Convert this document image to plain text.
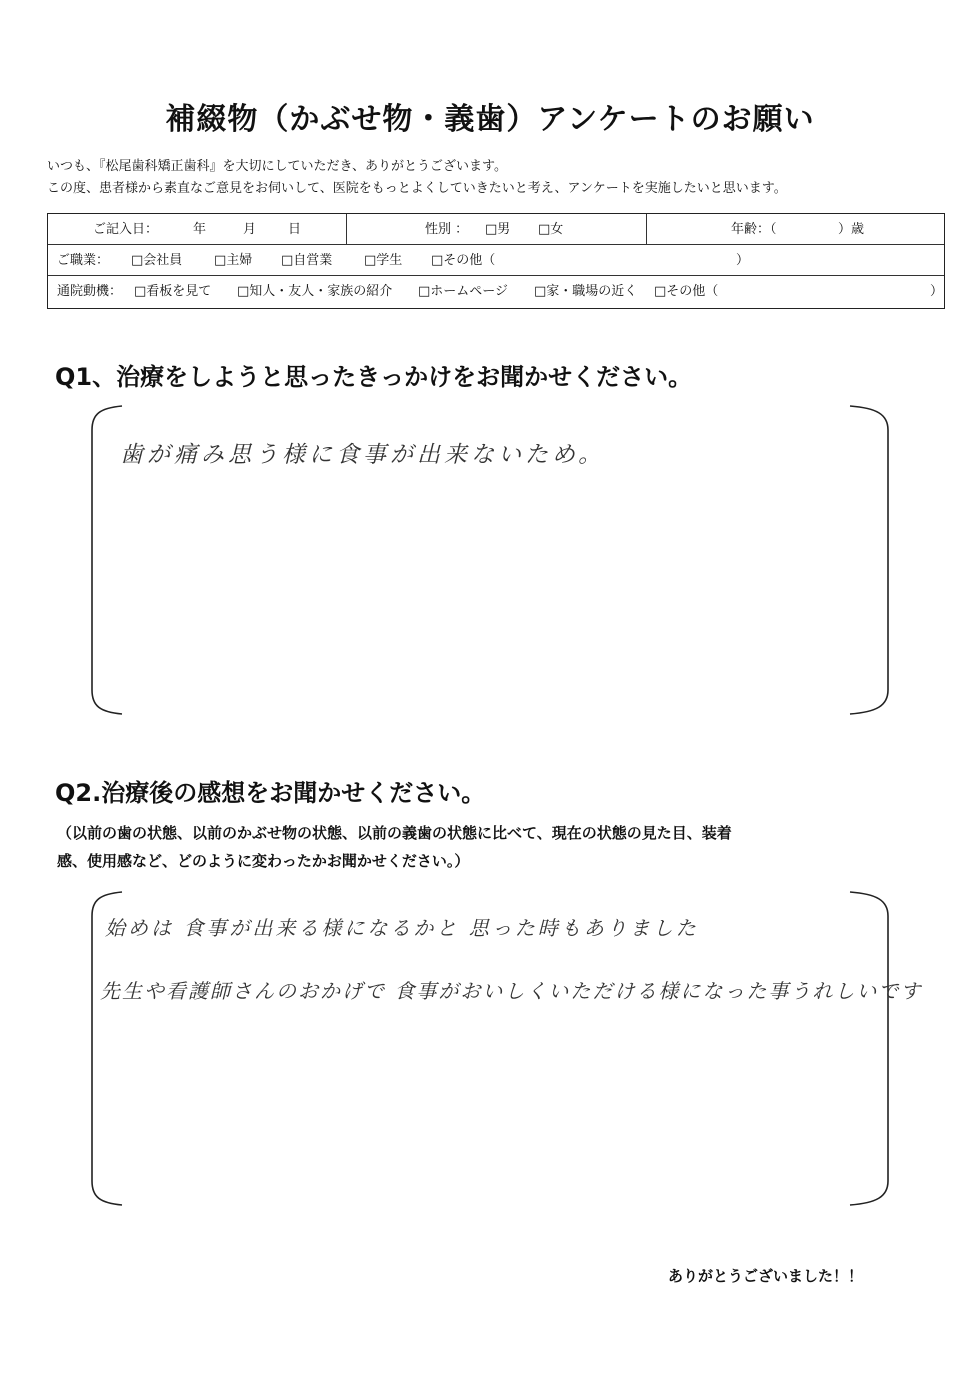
補綴物（かぶせ物・義歯）アンケートのお願い
いつも、『松尾歯科矯正歯科』を大切にしていただき、ありがとうございます。
この度、患者様から素直なご意見をお伺いして、医院をもっとよくしていきたいと考え、アンケートを実施したいと思います。
ご記入日：	年	月 日	性別 ： □男 □女	年齢：（	）歳
ご職業： □会社員 □主婦 □自営業 □学生 □その他（	）
通院動機： □看板を見て □知人・友人・家族の紹介 □ホームページ □家・職場の近く □その他（	）
Q1、治療をしようと思ったきっかけをお聞かせください。
歯が痛み思う様に食事が出来ないため。
Q2.治療後の感想をお聞かせください。
（以前の歯の状態、以前のかぶせ物の状態、以前の義歯の状態に比べて、現在の状態の見た目、装着
感、使用感など、どのように変わったかお聞かせください。）
始めは 食事が出来る様になるかと 思った時もありました
先生や看護師さんのおかげで 食事がおいしくいただける様になった事うれしいです
ありがとうございました！！
